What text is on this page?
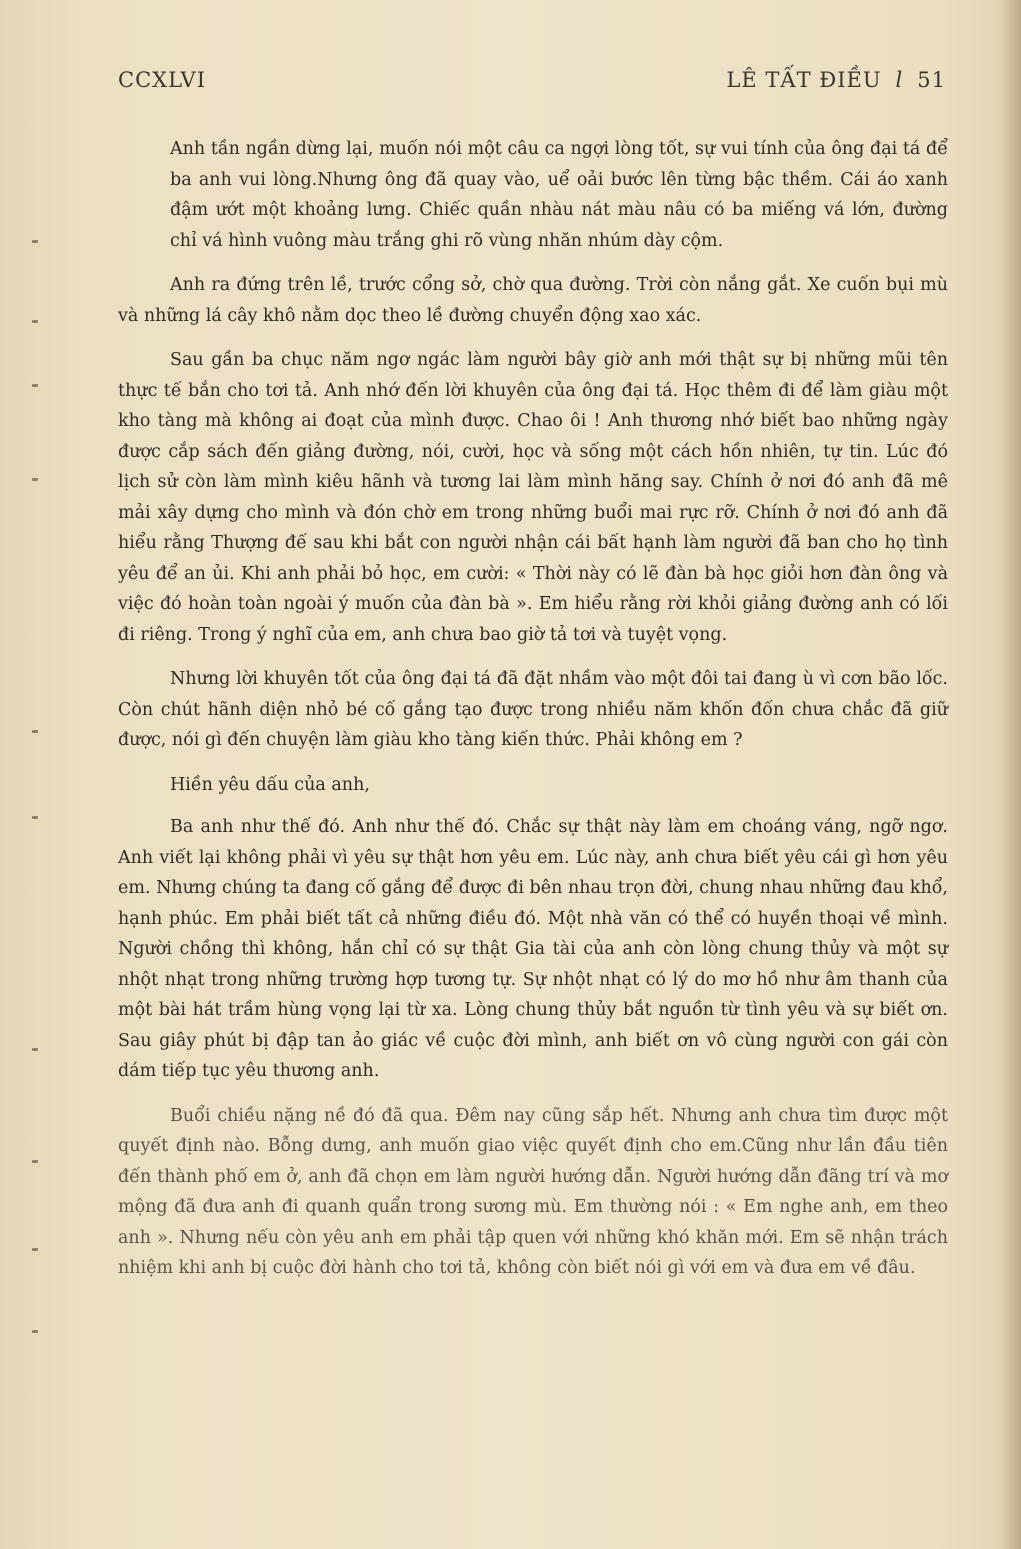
CCXLVI	LÊ TẤT ĐIỀU l 51

Anh tần ngần dừng lại, muốn nói một câu ca ngợi lòng tốt, sự vui tính của ông đại tá để ba anh vui lòng.Nhưng ông đã quay vào, uể oải bước lên từng bậc thềm. Cái áo xanh đậm ướt một khoảng lưng. Chiếc quần nhàu nát màu nâu có ba miếng vá lớn, đường chỉ vá hình vuông màu trắng ghi rõ vùng nhăn nhúm dày cộm.

Anh ra đứng trên lề, trước cổng sở, chờ qua đường. Trời còn nắng gắt. Xe cuốn bụi mù và những lá cây khô nằm dọc theo lề đường chuyển động xao xác.

Sau gần ba chục năm ngơ ngác làm người bây giờ anh mới thật sự bị những mũi tên thực tế bắn cho tơi tả. Anh nhớ đến lời khuyên của ông đại tá. Học thêm đi để làm giàu một kho tàng mà không ai đoạt của mình được. Chao ôi ! Anh thương nhớ biết bao những ngày được cắp sách đến giảng đường, nói, cười, học và sống một cách hồn nhiên, tự tin. Lúc đó lịch sử còn làm mình kiêu hãnh và tương lai làm mình hăng say. Chính ở nơi đó anh đã mê mải xây dựng cho mình và đón chờ em trong những buổi mai rực rỡ. Chính ở nơi đó anh đã hiểu rằng Thượng đế sau khi bắt con người nhận cái bất hạnh làm người đã ban cho họ tình yêu để an ủi. Khi anh phải bỏ học, em cười: « Thời này có lẽ đàn bà học giỏi hơn đàn ông và việc đó hoàn toàn ngoài ý muốn của đàn bà ». Em hiểu rằng rời khỏi giảng đường anh có lối đi riêng. Trong ý nghĩ của em, anh chưa bao giờ tả tơi và tuyệt vọng.

Nhưng lời khuyên tốt của ông đại tá đã đặt nhầm vào một đôi tai đang ù vì cơn bão lốc. Còn chút hãnh diện nhỏ bé cố gắng tạo được trong nhiều năm khốn đốn chưa chắc đã giữ được, nói gì đến chuyện làm giàu kho tàng kiến thức. Phải không em ?

Hiền yêu dấu của anh,

Ba anh như thế đó. Anh như thế đó. Chắc sự thật này làm em choáng váng, ngỡ ngơ. Anh viết lại không phải vì yêu sự thật hơn yêu em. Lúc này, anh chưa biết yêu cái gì hơn yêu em. Nhưng chúng ta đang cố gắng để được đi bên nhau trọn đời, chung nhau những đau khổ, hạnh phúc. Em phải biết tất cả những điều đó. Một nhà văn có thể có huyền thoại về mình. Người chồng thì không, hắn chỉ có sự thật Gia tài của anh còn lòng chung thủy và một sự nhột nhạt trong những trường hợp tương tự. Sự nhột nhạt có lý do mơ hồ như âm thanh của một bài hát trầm hùng vọng lại từ xa. Lòng chung thủy bắt nguồn từ tình yêu và sự biết ơn. Sau giây phút bị đập tan ảo giác về cuộc đời mình, anh biết ơn vô cùng người con gái còn dám tiếp tục yêu thương anh.

Buổi chiều nặng nề đó đã qua. Đêm nay cũng sắp hết. Nhưng anh chưa tìm được một quyết định nào. Bỗng dưng, anh muốn giao việc quyết định cho em.Cũng như lần đầu tiên đến thành phố em ở, anh đã chọn em làm người hướng dẫn. Người hướng dẫn đãng trí và mơ mộng đã đưa anh đi quanh quẩn trong sương mù. Em thường nói : « Em nghe anh, em theo anh ». Nhưng nếu còn yêu anh em phải tập quen với những khó khăn mới. Em sẽ nhận trách nhiệm khi anh bị cuộc đời hành cho tơi tả, không còn biết nói gì với em và đưa em về đâu.
